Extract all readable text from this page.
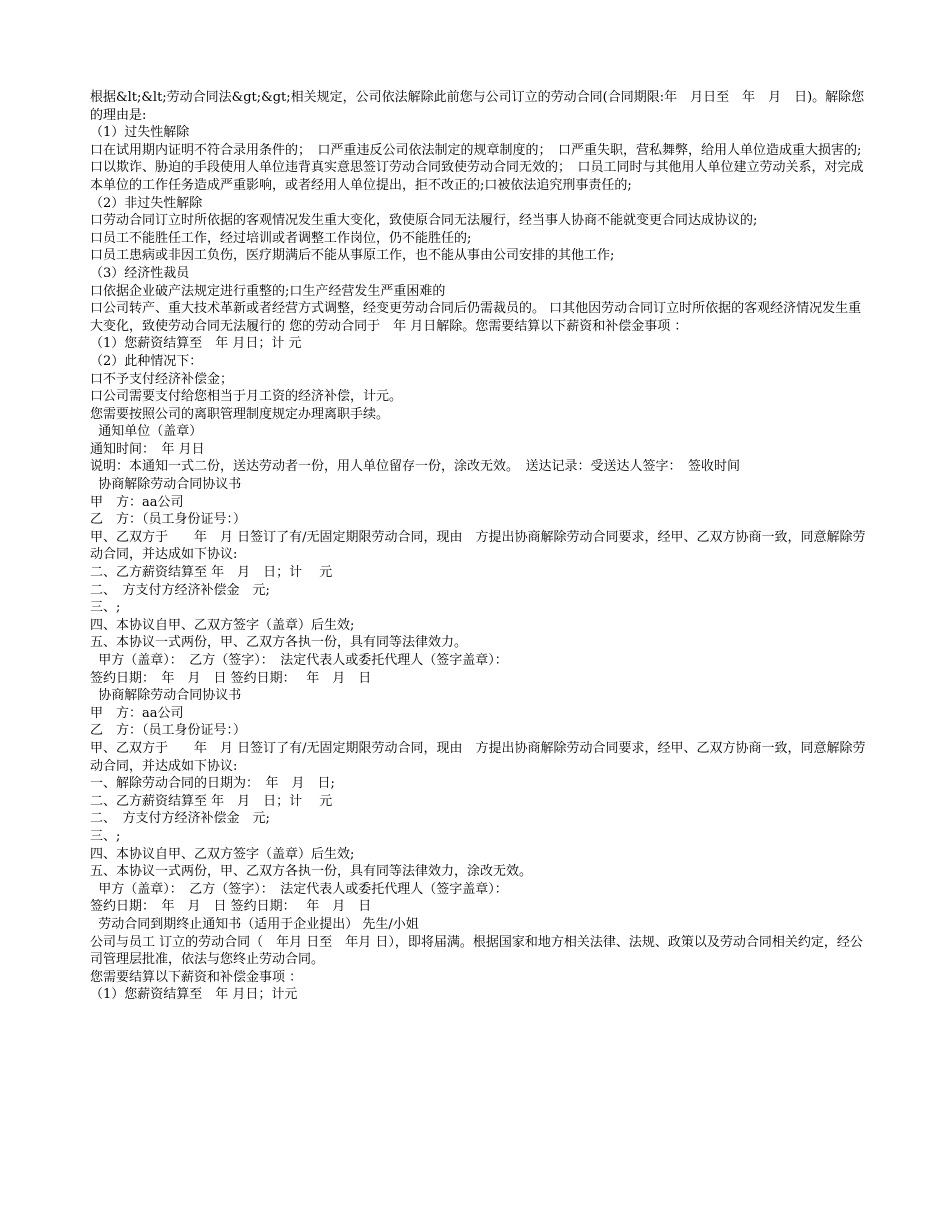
根据&lt;&lt;劳动合同法&gt;&gt;相关规定，公司依法解除此前您与公司订立的劳动合同(合同期限:年　月日至　年　月　日)。解除您的理由是:
（1）过失性解除
口在试用期内证明不符合录用条件的；　口严重违反公司依法制定的规章制度的；　口严重失职，营私舞弊，给用人单位造成重大损害的;
口以欺诈、胁迫的手段使用人单位违背真实意思签订劳动合同致使劳动合同无效的；　口员工同时与其他用人单位建立劳动关系，对完成本单位的工作任务造成严重影响，或者经用人单位提出，拒不改正的;口被依法追究刑事责任的;
（2）非过失性解除
口劳动合同订立时所依据的客观情况发生重大变化，致使原合同无法履行，经当事人协商不能就变更合同达成协议的;
口员工不能胜任工作，经过培训或者调整工作岗位，仍不能胜任的;
口员工患病或非因工负伤，医疗期满后不能从事原工作，也不能从事由公司安排的其他工作;
（3）经济性裁员
口依据企业破产法规定进行重整的;口生产经营发生严重困难的
口公司转产、重大技术革新或者经营方式调整，经变更劳动合同后仍需裁员的。 口其他因劳动合同订立时所依据的客观经济情况发生重大变化，致使劳动合同无法履行的 您的劳动合同于　年 月日解除。您需要结算以下薪资和补偿金事项 ：
（1）您薪资结算至　年 月日；计 元
（2）此种情况下：
口不予支付经济补偿金；
口公司需要支付给您相当于月工资的经济补偿，计元。
您需要按照公司的离职管理制度规定办理离职手续。
通知单位（盖章）
通知时间：　年 月日
说明：本通知一式二份，送达劳动者一份，用人单位留存一份，涂改无效。　送达记录：受送达人签字：　签收时间
协商解除劳动合同协议书
甲　方：aa公司
乙　方：（员工身份证号：）
甲、乙双方于　　年　月 日签订了有/无固定期限劳动合同，现由　方提出协商解除劳动合同要求，经甲、乙双方协商一致，同意解除劳动合同，并达成如下协议:
二、乙方薪资结算至 年　月　日；计　 元
二、　方支付方经济补偿金　元;
三、;
四、本协议自甲、乙双方签字（盖章）后生效;
五、本协议一式两份，甲、乙双方各执一份，具有同等法律效力。
甲方（盖章）：　乙方（签字）：　法定代表人或委托代理人（签字盖章）：
签约日期：　年　月　日 签约日期：　 年　月　日
协商解除劳动合同协议书
甲　方：aa公司
乙　方：（员工身份证号：）
甲、乙双方于　　年　月 日签订了有/无固定期限劳动合同，现由　方提出协商解除劳动合同要求，经甲、乙双方协商一致，同意解除劳动合同，并达成如下协议:
一、解除劳动合同的日期为：　年　月　日;
二、乙方薪资结算至 年　月　日；计　 元
二、　方支付方经济补偿金　元;
三、;
四、本协议自甲、乙双方签字（盖章）后生效;
五、本协议一式两份，甲、乙双方各执一份，具有同等法律效力，涂改无效。
甲方（盖章）：　乙方（签字）：　法定代表人或委托代理人（签字盖章）：
签约日期：　年　月　日 签约日期：　 年　月　日
劳动合同到期终止通知书（适用于企业提出） 先生/小姐
公司与员工 订立的劳动合同（　年月 日至　年月 日），即将届满。根据国家和地方相关法律、法规、政策以及劳动合同相关约定，经公司管理层批准，依法与您终止劳动合同。
您需要结算以下薪资和补偿金事项 ：
（1）您薪资结算至　年 月日；计元
